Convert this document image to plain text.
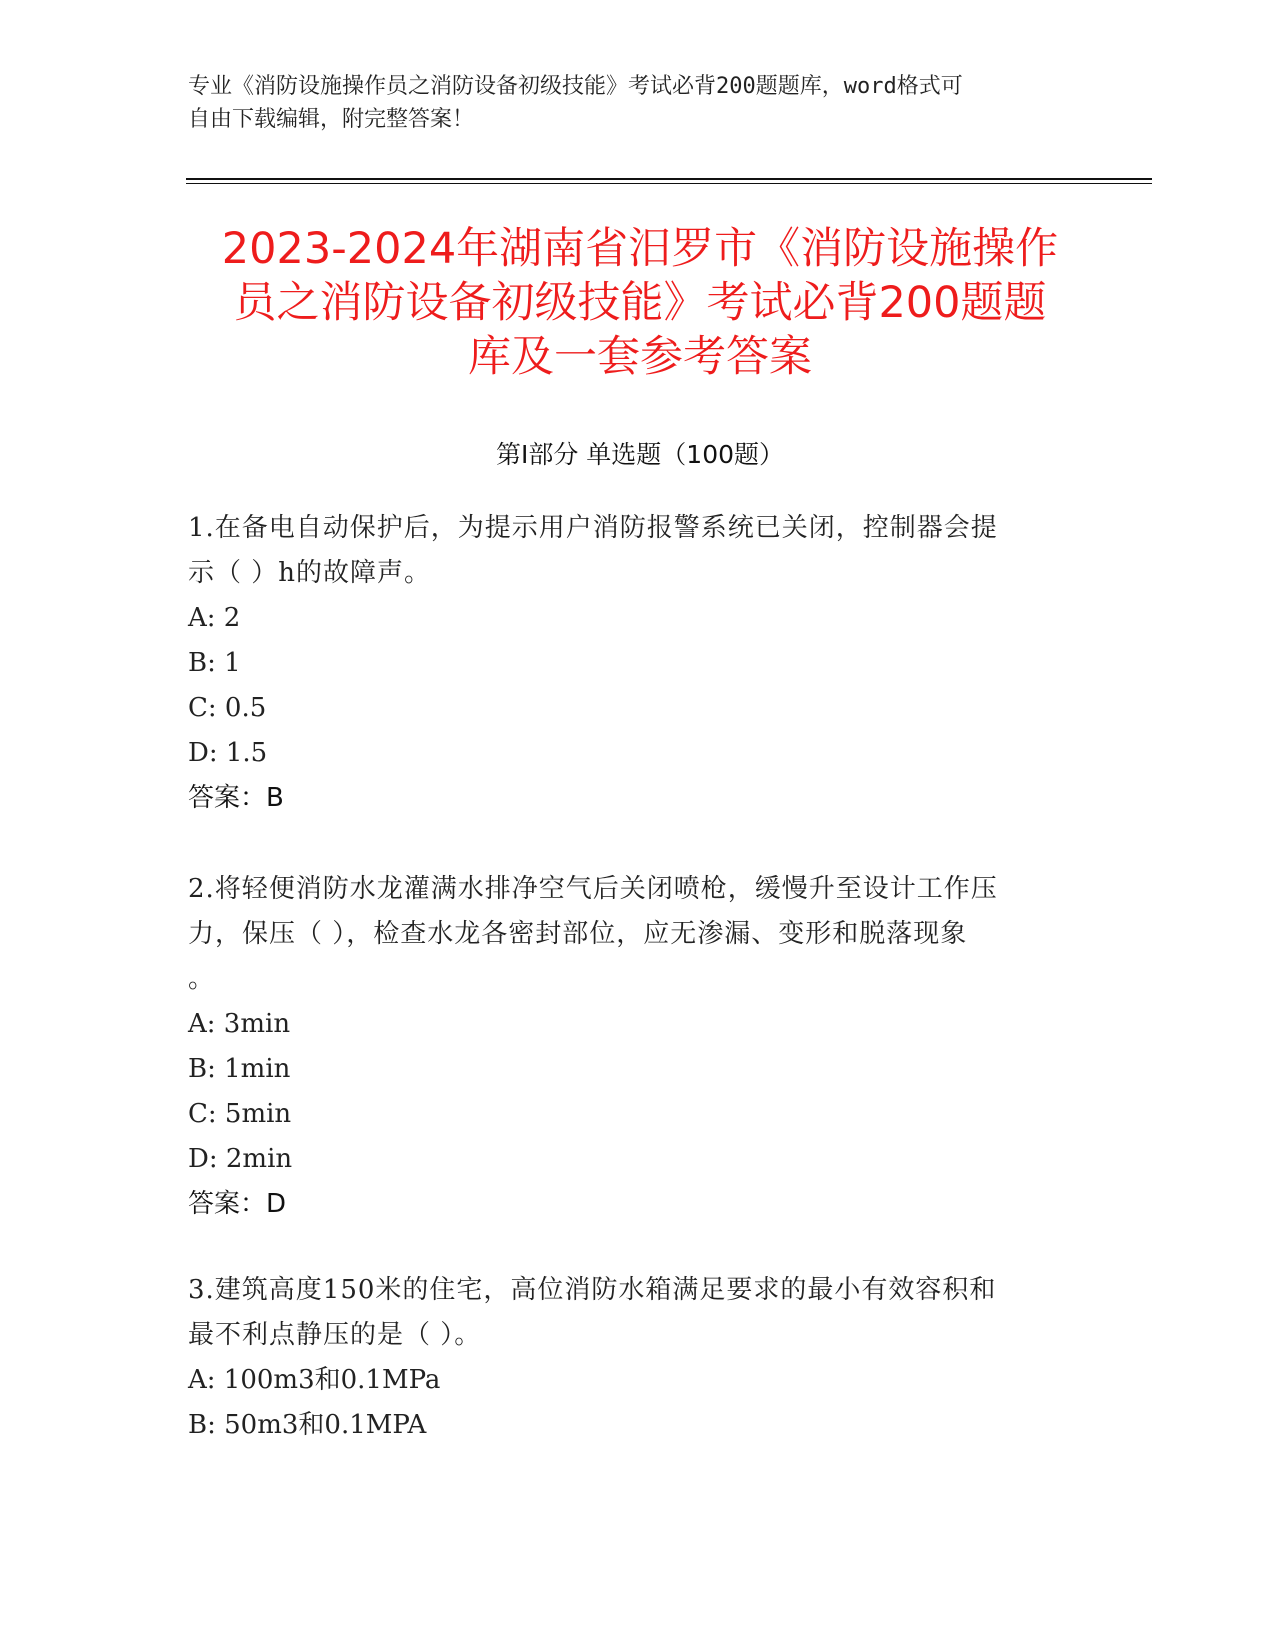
专业《消防设施操作员之消防设备初级技能》考试必背200题题库，word格式可
自由下载编辑，附完整答案！
2023-2024年湖南省汨罗市《消防设施操作
员之消防设备初级技能》考试必背200题题
库及一套参考答案
第Ⅰ部分 单选题（100题）

1.在备电自动保护后，为提示用户消防报警系统已关闭，控制器会提

示（ ）h的故障声。

A: 2

B: 1

C: 0.5

D: 1.5

答案：B

2.将轻便消防水龙灌满水排净空气后关闭喷枪，缓慢升至设计工作压

力，保压（ ），检查水龙各密封部位，应无渗漏、变形和脱落现象

。

A: 3min

B: 1min

C: 5min

D: 2min

答案：D

3.建筑高度150米的住宅，高位消防水箱满足要求的最小有效容积和

最不利点静压的是（ ）。

A: 100m3和0.1MPa

B: 50m3和0.1MPA
